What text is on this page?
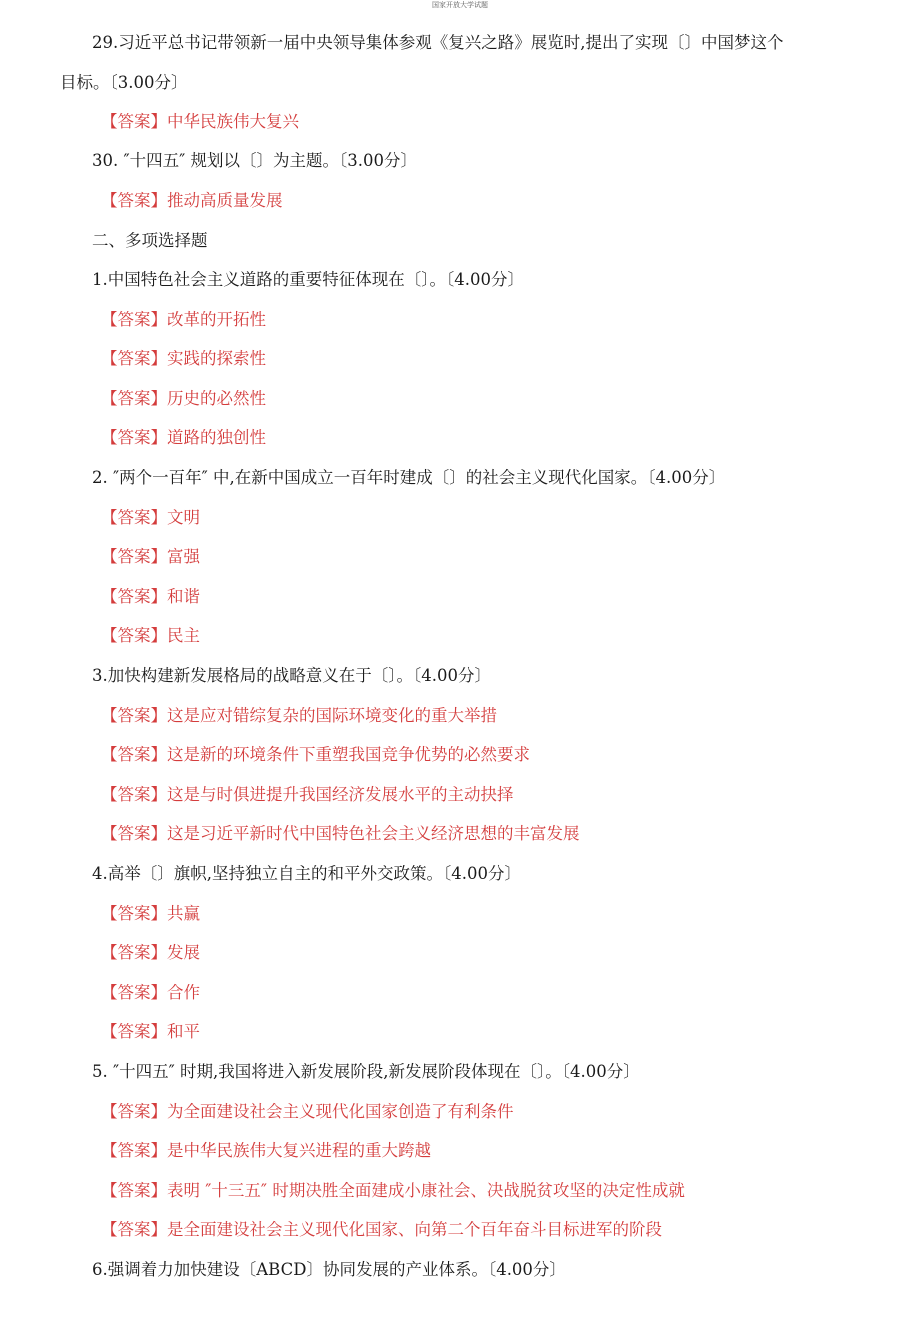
国家开放大学试题
29.习近平总书记带领新一届中央领导集体参观《复兴之路》展览时,提出了实现〔〕中国梦这个
目标。〔3.00分〕
【答案】中华民族伟大复兴
30. ″十四五″ 规划以〔〕为主题。〔3.00分〕
【答案】推动高质量发展
二、多项选择题
1.中国特色社会主义道路的重要特征体现在〔〕。〔4.00分〕
【答案】改革的开拓性
【答案】实践的探索性
【答案】历史的必然性
【答案】道路的独创性
2. ″两个一百年″ 中,在新中国成立一百年时建成〔〕的社会主义现代化国家。〔4.00分〕
【答案】文明
【答案】富强
【答案】和谐
【答案】民主
3.加快构建新发展格局的战略意义在于〔〕。〔4.00分〕
【答案】这是应对错综复杂的国际环境变化的重大举措
【答案】这是新的环境条件下重塑我国竞争优势的必然要求
【答案】这是与时俱进提升我国经济发展水平的主动抉择
【答案】这是习近平新时代中国特色社会主义经济思想的丰富发展
4.高举〔〕旗帜,坚持独立自主的和平外交政策。〔4.00分〕
【答案】共赢
【答案】发展
【答案】合作
【答案】和平
5. ″十四五″ 时期,我国将进入新发展阶段,新发展阶段体现在〔〕。〔4.00分〕
【答案】为全面建设社会主义现代化国家创造了有利条件
【答案】是中华民族伟大复兴进程的重大跨越
【答案】表明 ″十三五″ 时期决胜全面建成小康社会、决战脱贫攻坚的决定性成就
【答案】是全面建设社会主义现代化国家、向第二个百年奋斗目标进军的阶段
6.强调着力加快建设〔ABCD〕协同发展的产业体系。〔4.00分〕
